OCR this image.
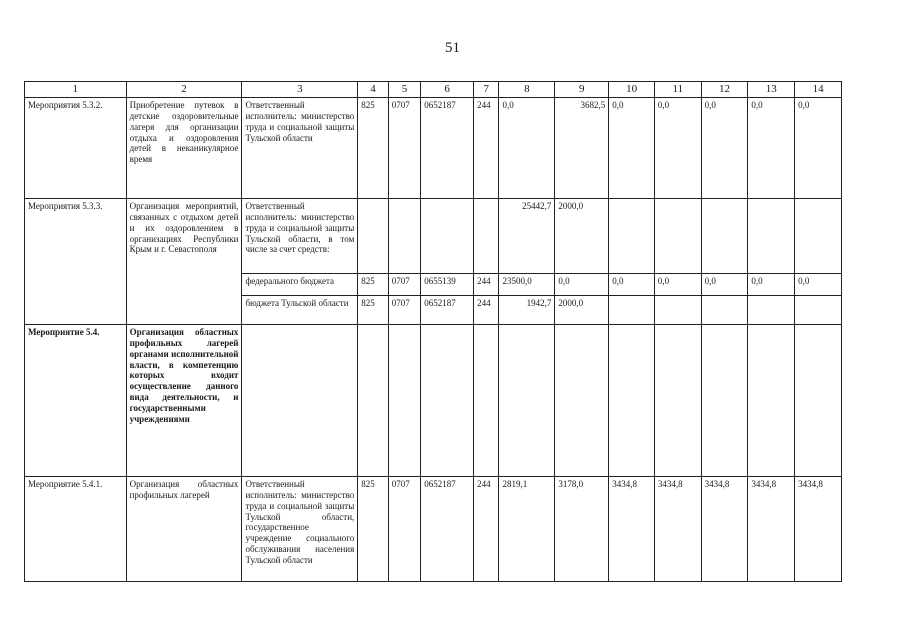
51
1	2	3	4	5	6	7	8	9	10	11	12	13	14
Мероприятия 5.3.2.	Приобретение путевок в детские оздоровительные лагеря для организации отдыха и оздоровления детей в неканикулярное время	Ответственный исполнитель: министерство труда и социальной защиты Тульской области	825	0707	0652187	244	0,0	3682,5	0,0	0,0	0,0	0,0	0,0
Мероприятия 5.3.3.	Организация мероприятий, связанных с отдыхом детей и их оздоровлением в организациях Республики Крым и г. Севастополя	Ответственный исполнитель: министерство труда и социальной защиты Тульской области, в том числе за счет средств:					25442,7	2000,0					
		федерального бюджета	825	0707	0655139	244	23500,0	0,0	0,0	0,0	0,0	0,0	0,0
		бюджета Тульской области	825	0707	0652187	244	1942,7	2000,0					
Мероприятие 5.4.	Организация областных профильных лагерей органами исполнительной власти, в компетенцию которых входит осуществление данного вида деятельности, и государственными учреждениями												
Мероприятие 5.4.1.	Организация областных профильных лагерей	Ответственный исполнитель: министерство труда и социальной защиты Тульской области, государственное учреждение социального обслуживания населения Тульской области	825	0707	0652187	244	2819,1	3178,0	3434,8	3434,8	3434,8	3434,8	3434,8
